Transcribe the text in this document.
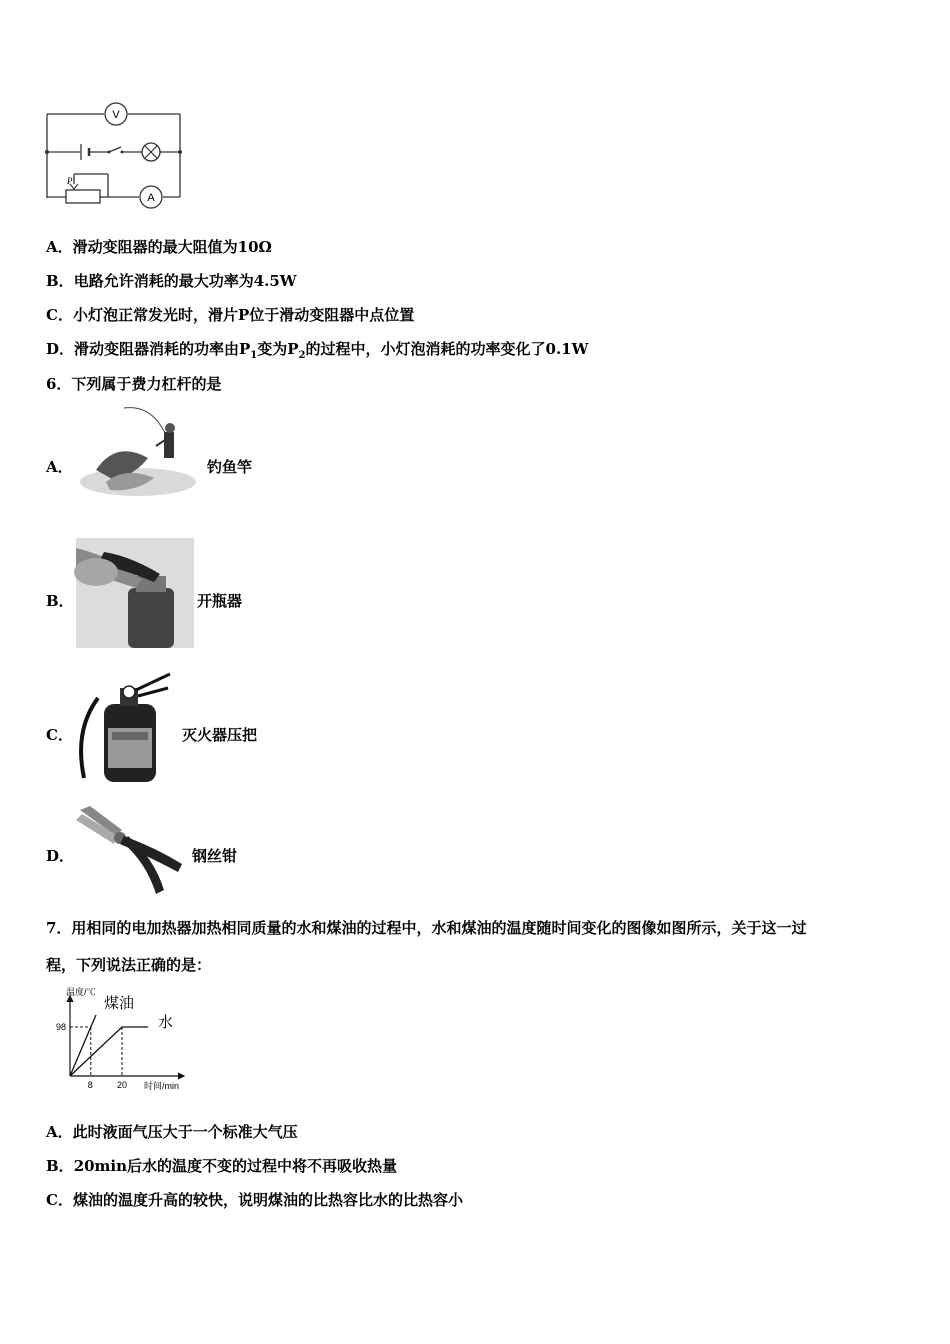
V
P
A
A．滑动变阻器的最大阻值为10Ω
B．电路允许消耗的最大功率为4.5W
C．小灯泡正常发光时，滑片P位于滑动变阻器中点位置
D．滑动变阻器消耗的功率由$P_1$变为$P_2$的过程中，小灯泡消耗的功率变化了0.1W
6．下列属于费力杠杆的是
A．	钓鱼竿
B．	开瓶器
C．	灭火器压把
D．	钢丝钳
7．用相同的电加热器加热相同质量的水和煤油的过程中，水和煤油的温度随时间变化的图像如图所示，关于这一过
程，下列说法正确的是：
温度/℃
时间/min
98
8	20
煤油
水
A．此时液面气压大于一个标准大气压
B．20min后水的温度不变的过程中将不再吸收热量
C．煤油的温度升高的较快，说明煤油的比热容比水的比热容小
